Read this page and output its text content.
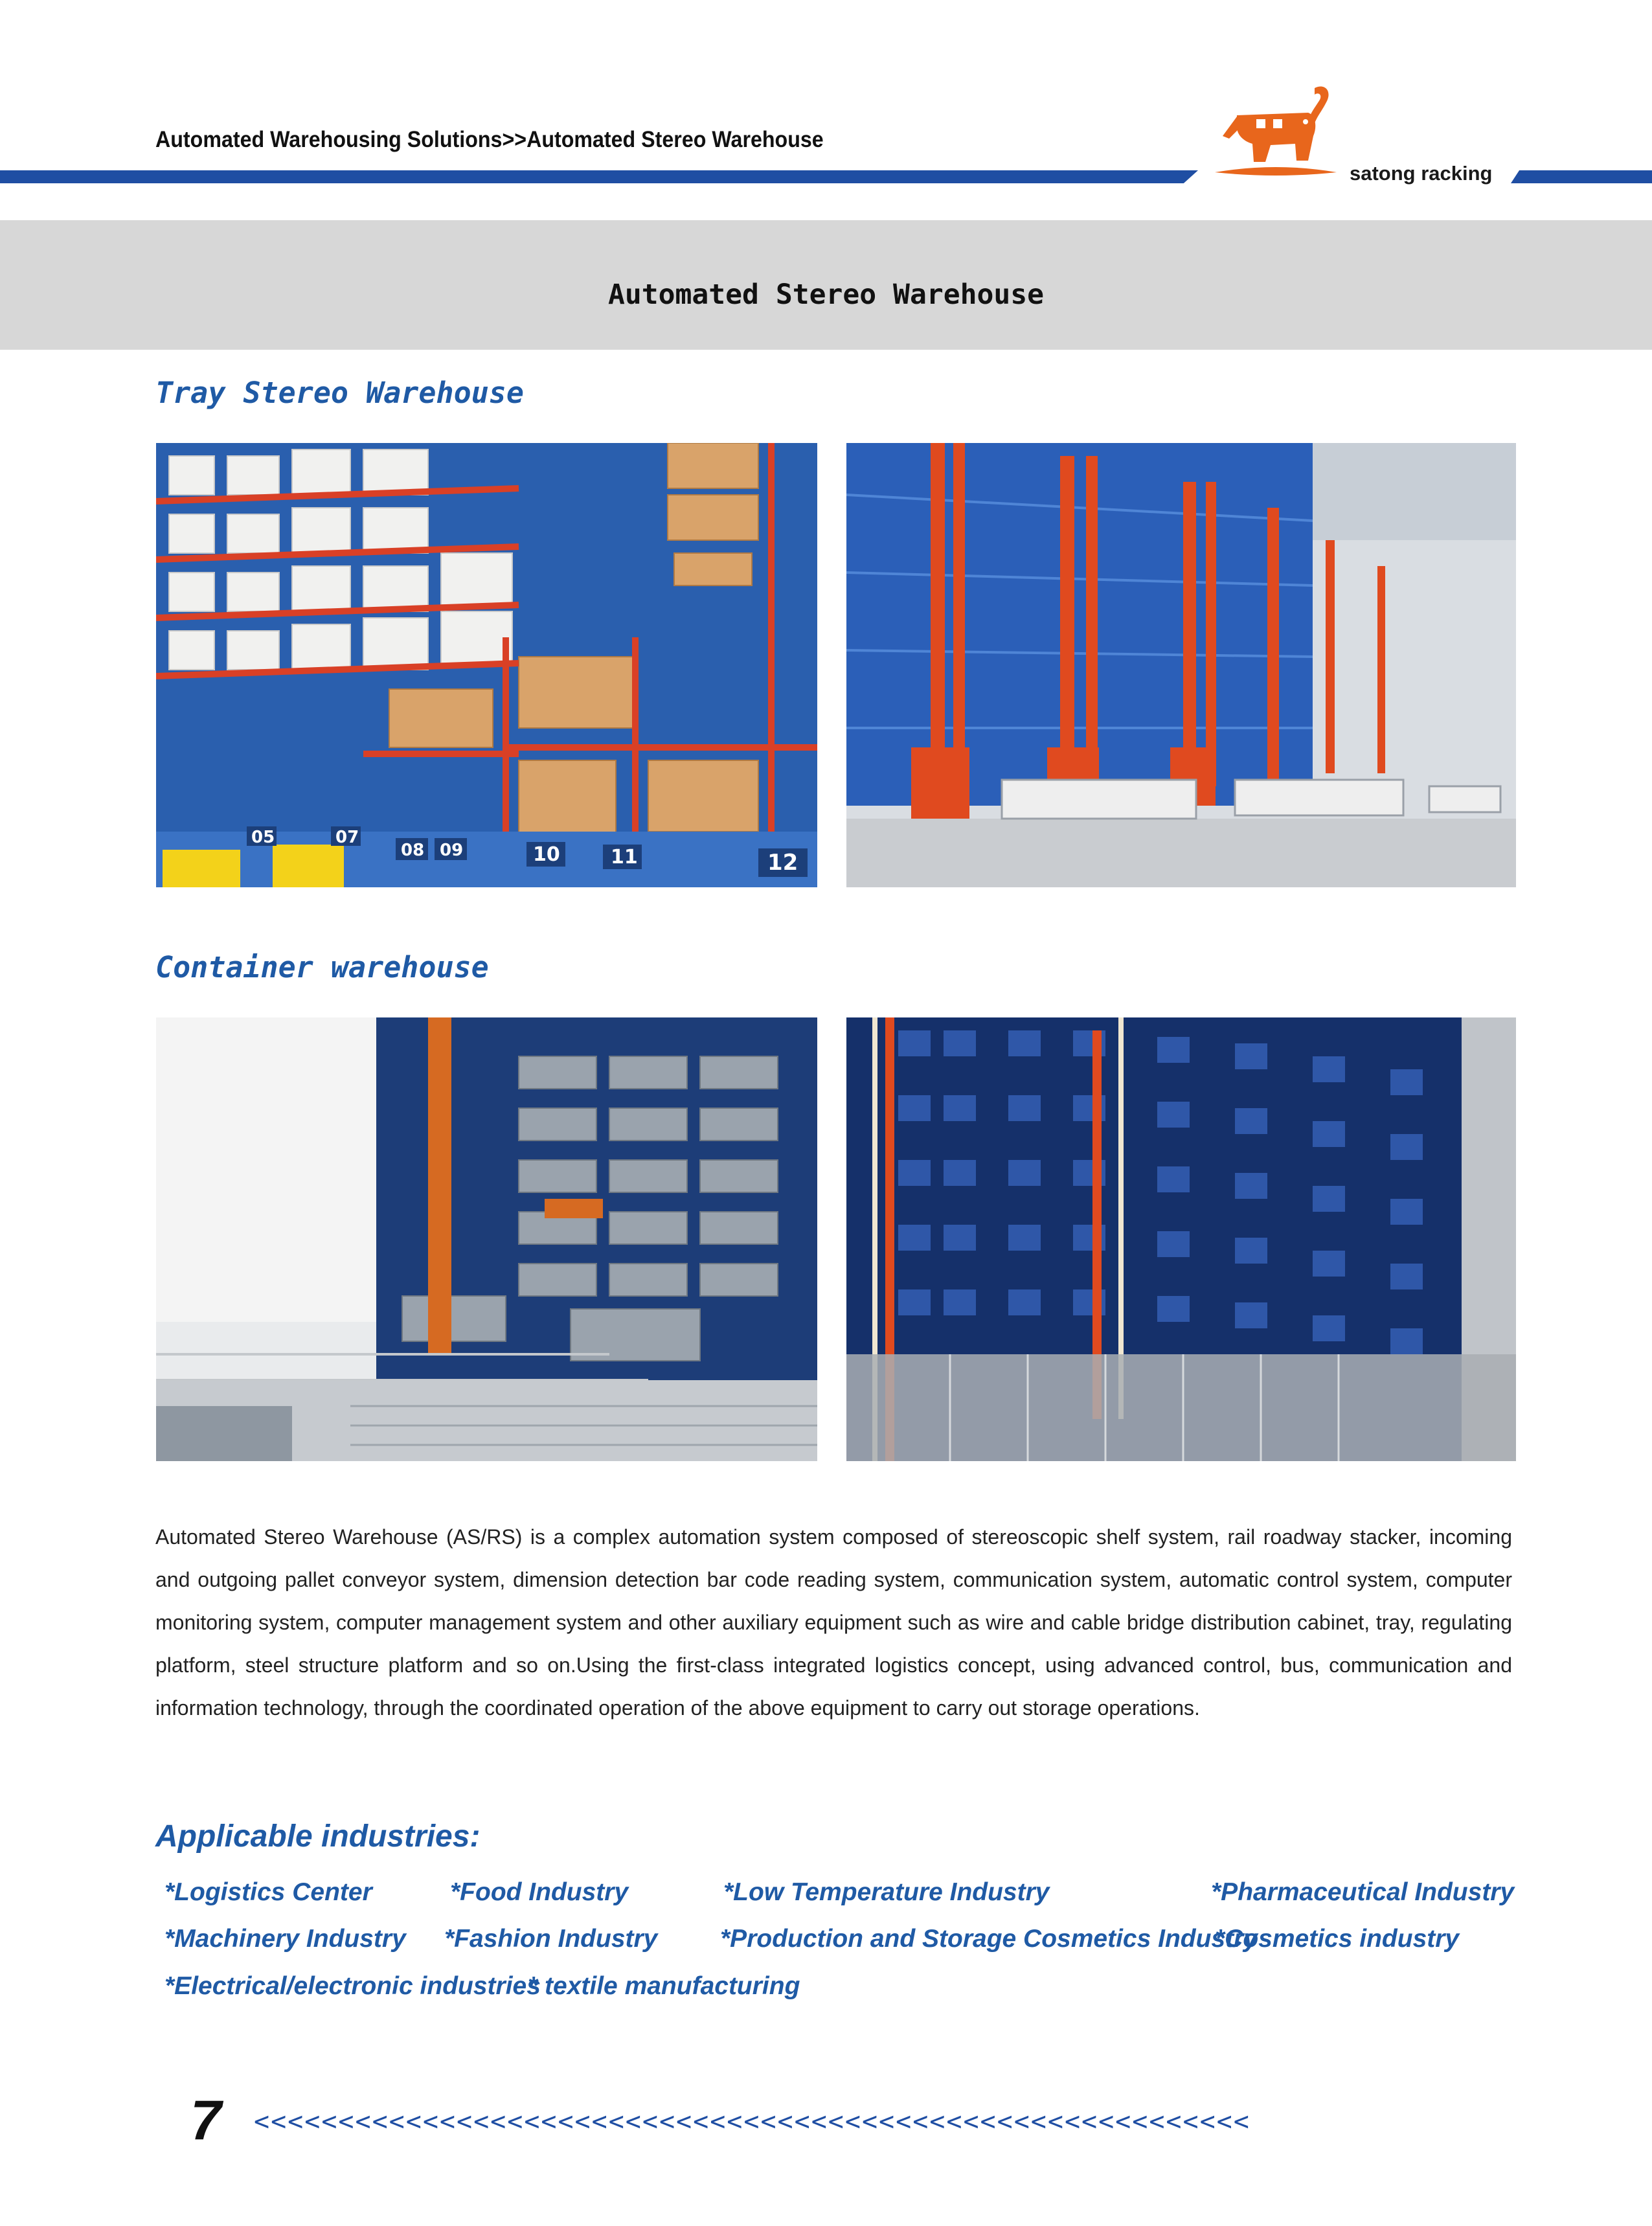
Automated Warehousing Solutions>>Automated Stereo Warehouse
satong racking
Automated Stereo Warehouse
Tray Stereo Warehouse
05	07
08 09	10	11	12
Container warehouse

Automated Stereo Warehouse (AS/RS) is a complex automation system composed of stereoscopic shelf system, rail roadway stacker, incoming and outgoing pallet conveyor system, dimension detection bar code reading system, communication system, automatic control system, computer monitoring system, computer management system and other auxiliary equipment such as wire and cable bridge distribution cabinet, tray, regulating platform, steel structure platform and so on.Using the first-class integrated logistics concept, using advanced control, bus, communication and information technology, through the coordinated operation of the above equipment to carry out storage operations.

Applicable industries:
*Logistics Center	*Food Industry	*Low Temperature Industry	*Pharmaceutical Industry
*Machinery Industry *Fashion Industry *Production and Storage Cosmetics Industry
*Cosmetics industry
*Electrical/electronic industries
* textile manufacturing
7 <<<<<<<<<<<<<<<<<<<<<<<<<<<<<<<<<<<<<<<<<<<<<<<<<<<<<<<<<<<
